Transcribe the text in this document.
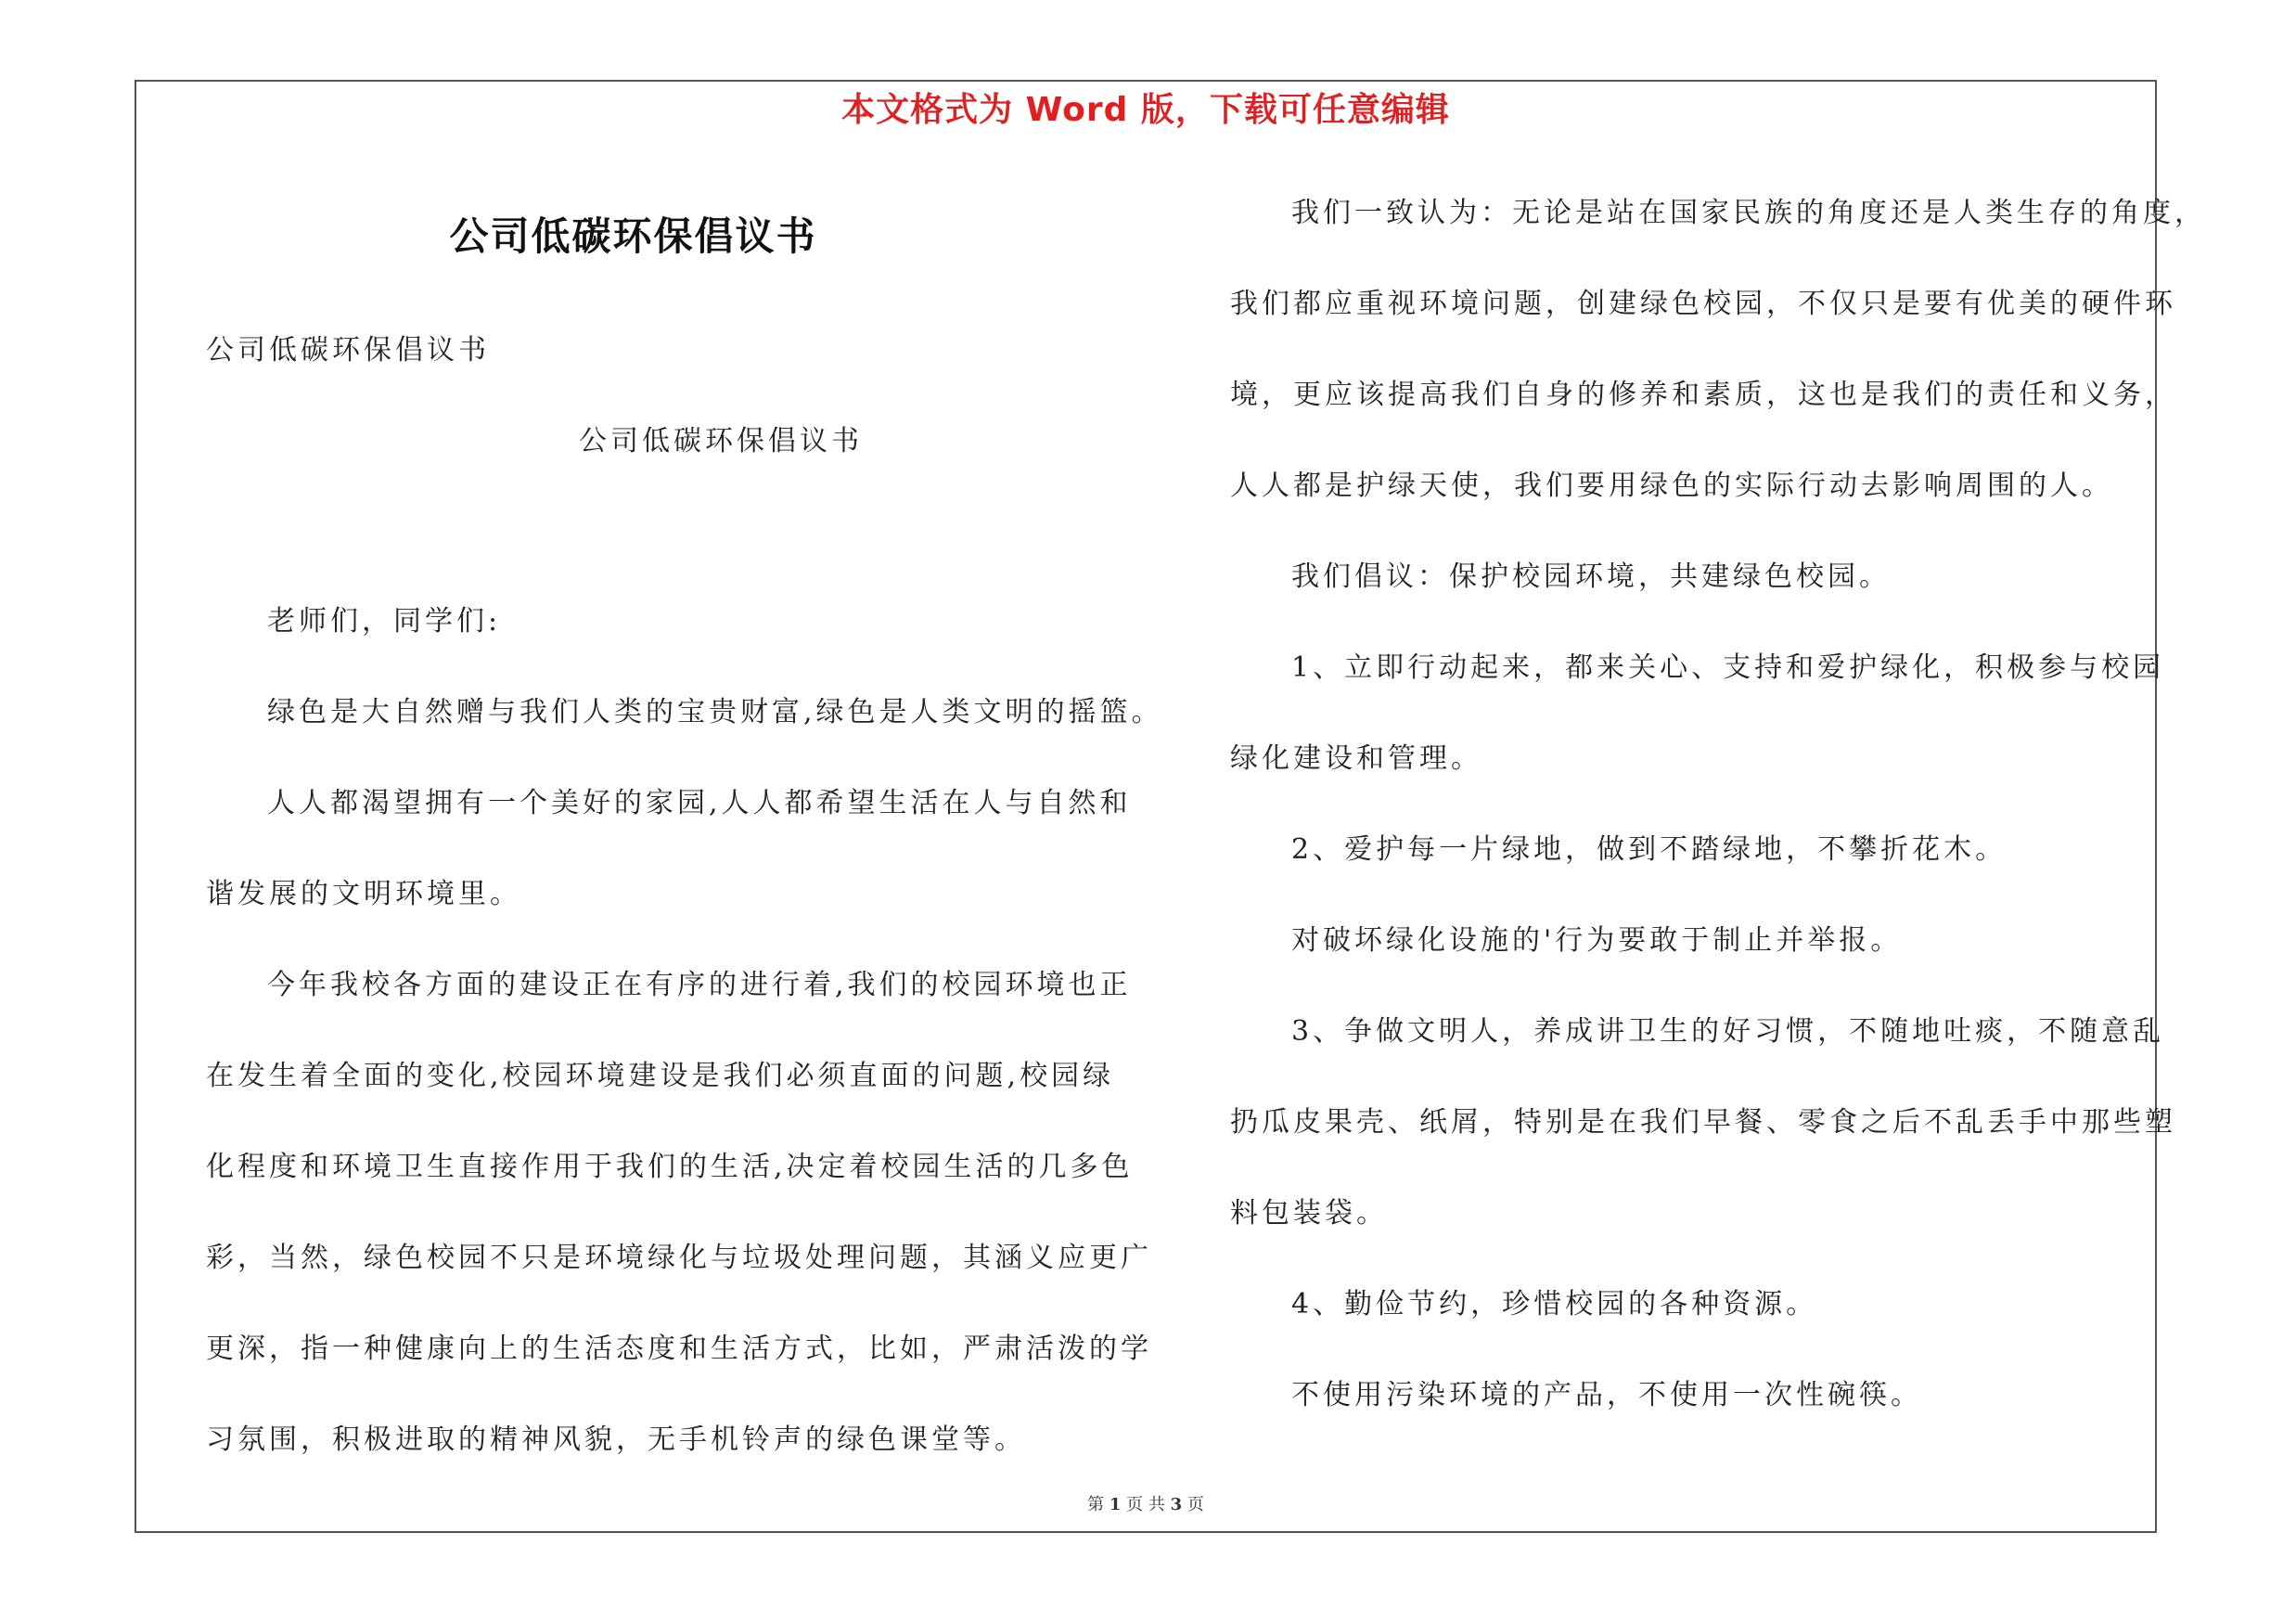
本文格式为 Word 版，下载可任意编辑
公司低碳环保倡议书
公司低碳环保倡议书
公司低碳环保倡议书
老师们，同学们:
绿色是大自然赠与我们人类的宝贵财富,绿色是人类文明的摇篮。
人人都渴望拥有一个美好的家园,人人都希望生活在人与自然和
谐发展的文明环境里。
今年我校各方面的建设正在有序的进行着,我们的校园环境也正
在发生着全面的变化,校园环境建设是我们必须直面的问题,校园绿
化程度和环境卫生直接作用于我们的生活,决定着校园生活的几多色
彩，当然，绿色校园不只是环境绿化与垃圾处理问题，其涵义应更广
更深，指一种健康向上的生活态度和生活方式，比如，严肃活泼的学
习氛围，积极进取的精神风貌，无手机铃声的绿色课堂等。
我们一致认为：无论是站在国家民族的角度还是人类生存的角度，
我们都应重视环境问题，创建绿色校园，不仅只是要有优美的硬件环
境，更应该提高我们自身的修养和素质，这也是我们的责任和义务，
人人都是护绿天使，我们要用绿色的实际行动去影响周围的人。
我们倡议：保护校园环境，共建绿色校园。
1、立即行动起来，都来关心、支持和爱护绿化，积极参与校园
绿化建设和管理。
2、爱护每一片绿地，做到不踏绿地，不攀折花木。
对破坏绿化设施的'行为要敢于制止并举报。
3、争做文明人，养成讲卫生的好习惯，不随地吐痰，不随意乱
扔瓜皮果壳、纸屑，特别是在我们早餐、零食之后不乱丢手中那些塑
料包装袋。
4、勤俭节约，珍惜校园的各种资源。
不使用污染环境的产品，不使用一次性碗筷。
第 1 页 共 3 页
